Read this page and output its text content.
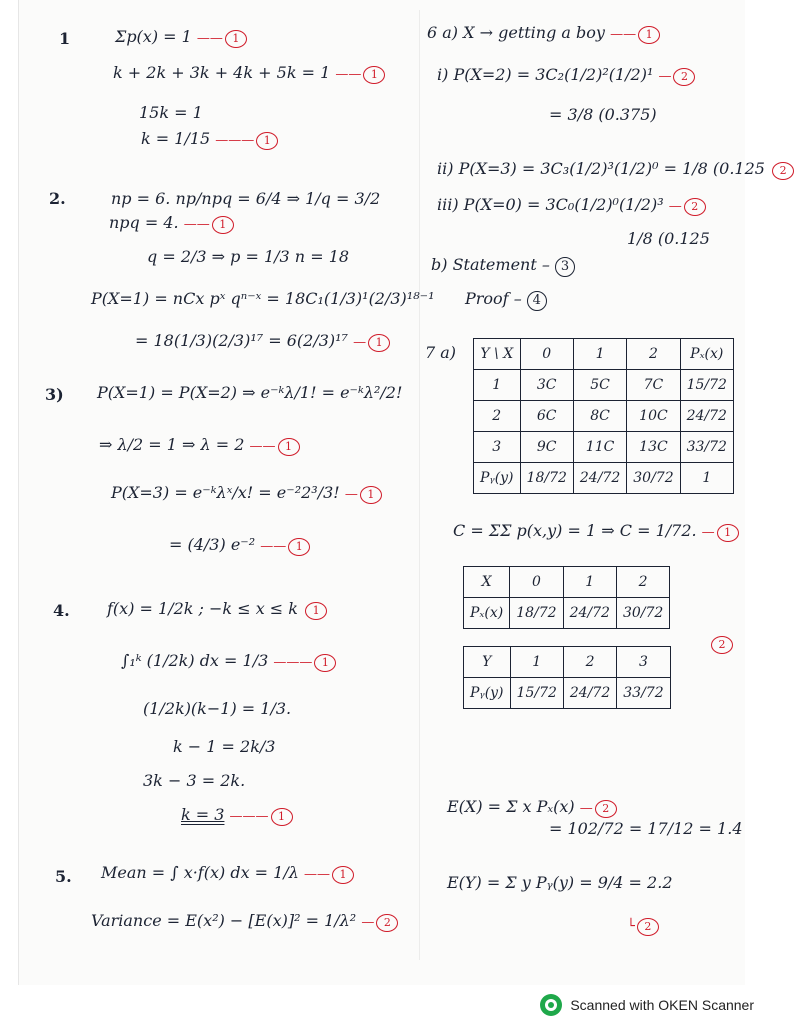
1	Σp(x) = 1 —— 1
k + 2k + 3k + 4k + 5k = 1 —— 1
15k = 1
k = 1/15 ——— 1
2.	np = 6. np/npq = 6/4 ⇒ 1/q = 3/2
npq = 4. —— 1
q = 2/3 ⇒ p = 1/3 n = 18
P(X=1) = nCx pˣ qⁿ⁻ˣ = 18C₁(1/3)¹(2/3)¹⁸⁻¹
= 18(1/3)(2/3)¹⁷ = 6(2/3)¹⁷ — 1
3) P(X=1) = P(X=2) ⇒ e⁻ᵏλ/1! = e⁻ᵏλ²/2!
⇒ λ/2 = 1 ⇒ λ = 2 —— 1
P(X=3) = e⁻ᵏλˣ/x! = e⁻²2³/3! — 1
= (4/3) e⁻² —— 1
4. f(x) = 1/2k ; −k ≤ x ≤ k 1
∫₁ᵏ (1/2k) dx = 1/3 ——— 1
(1/2k)(k−1) = 1/3.
k − 1 = 2k/3
3k − 3 = 2k.
k = 3 ——— 1
5. Mean = ∫ x·f(x) dx = 1/λ —— 1
Variance = E(x²) − [E(x)]² = 1/λ² — 2
6 a) X → getting a boy —— 1
i) P(X=2) = 3C₂(1/2)²(1/2)¹ — 2
= 3/8 (0.375)
ii) P(X=3) = 3C₃(1/2)³(1/2)⁰ = 1/8 (0.125 2
iii) P(X=0) = 3C₀(1/2)⁰(1/2)³ — 2
1/8 (0.125
b) Statement – 3
Proof – 4
7 a) Y \ X	0	1	2	Pₓ(x)
1	3C	5C	7C	15/72
2	6C	8C	10C	24/72
3	9C	11C	13C	33/72
Pᵧ(y)	18/72	24/72	30/72	1
C = ΣΣ p(x,y) = 1 ⇒ C = 1/72. — 1
X	0	1	2
Pₓ(x)	18/72	24/72	30/72
Y	1	2	3
Pᵧ(y)	15/72	24/72	33/72
2
E(X) = Σ x Pₓ(x) — 2
= 102/72 = 17/12 = 1.4
E(Y) = Σ y Pᵧ(y) = 9/4 = 2.2
└ 2
Scanned with OKEN Scanner
